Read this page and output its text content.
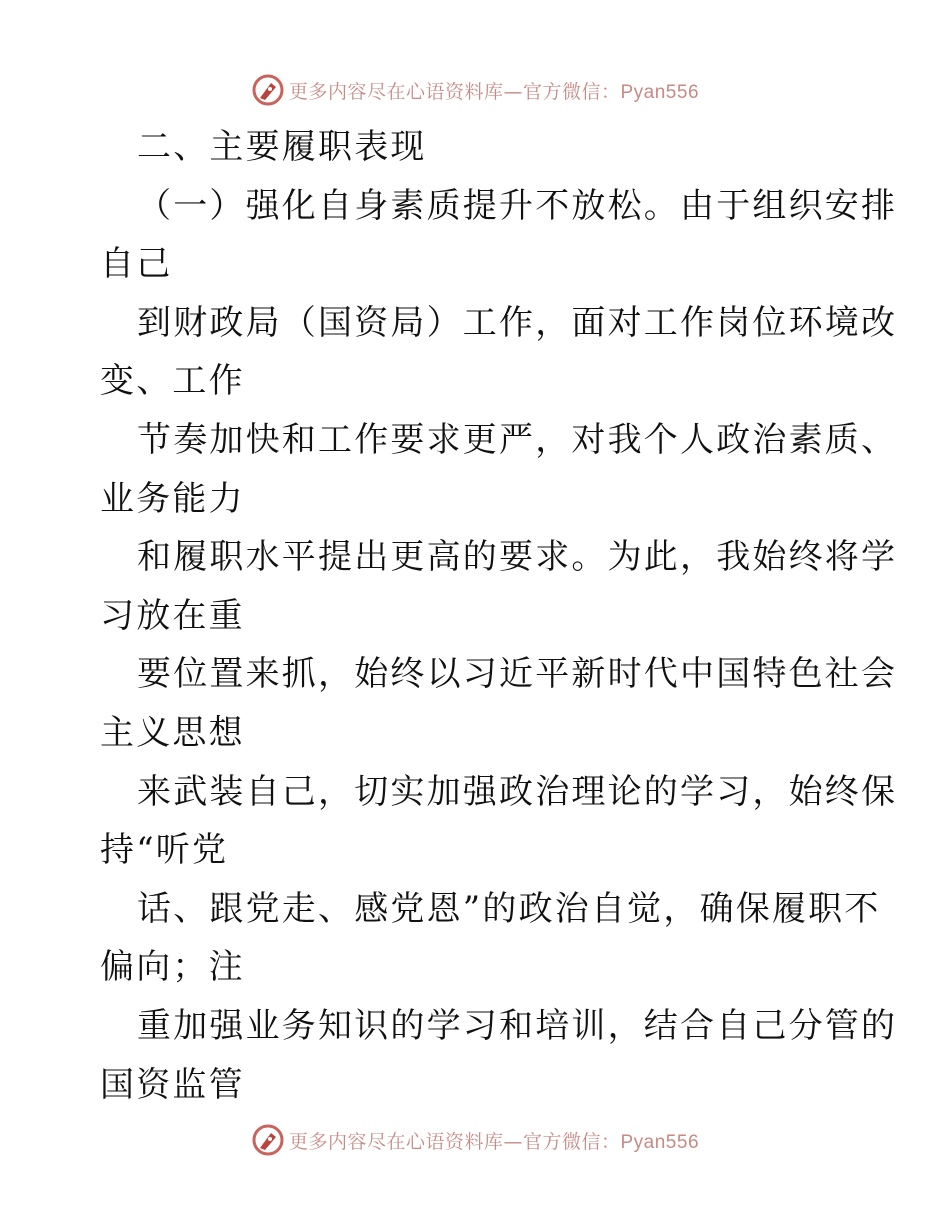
更多内容尽在心语资料库—官方微信：Pyan556
二、主要履职表现
（一）强化自身素质提升不放松。由于组织安排
自己
到财政局（国资局）工作，面对工作岗位环境改
变、工作
节奏加快和工作要求更严，对我个人政治素质、
业务能力
和履职水平提出更高的要求。为此，我始终将学
习放在重
要位置来抓，始终以习近平新时代中国特色社会
主义思想
来武装自己，切实加强政治理论的学习，始终保
持“听党
话、跟党走、感党恩”的政治自觉，确保履职不
偏向；注
重加强业务知识的学习和培训，结合自己分管的
国资监管
更多内容尽在心语资料库—官方微信：Pyan556
